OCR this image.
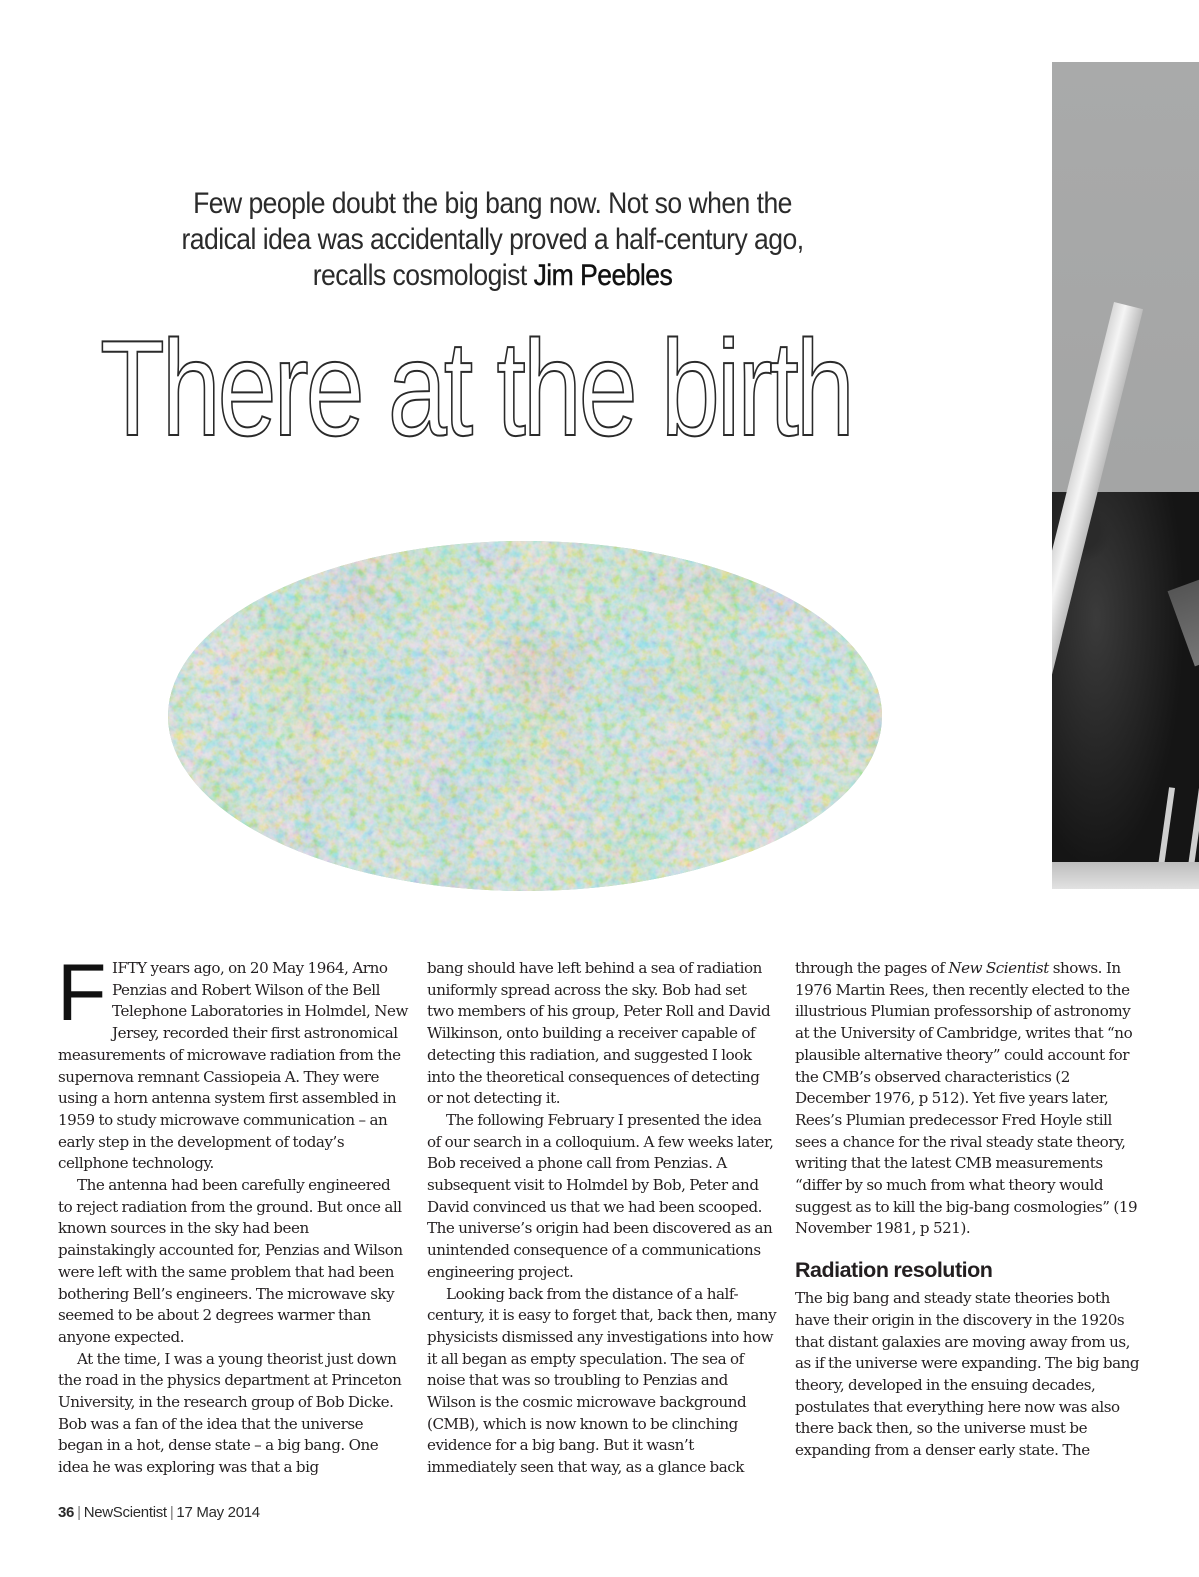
Few people doubt the big bang now. Not so when the
radical idea was accidentally proved a half-century ago,
recalls cosmologist Jim Peebles
There at the birth

FIFTY years ago, on 20 May 1964, Arno Penzias and Robert Wilson of the Bell Telephone Laboratories in Holmdel, New Jersey, recorded their first astronomical measurements of microwave radiation from the supernova remnant Cassiopeia A. They were using a horn antenna system first assembled in 1959 to study microwave communication – an early step in the development of today’s cellphone technology.

The antenna had been carefully engineered to reject radiation from the ground. But once all known sources in the sky had been painstakingly accounted for, Penzias and Wilson were left with the same problem that had been bothering Bell’s engineers. The microwave sky seemed to be about 2 degrees warmer than anyone expected.

At the time, I was a young theorist just down the road in the physics department at Princeton University, in the research group of Bob Dicke. Bob was a fan of the idea that the universe began in a hot, dense state – a big bang. One idea he was exploring was that a big

bang should have left behind a sea of radiation uniformly spread across the sky. Bob had set two members of his group, Peter Roll and David Wilkinson, onto building a receiver capable of detecting this radiation, and suggested I look into the theoretical consequences of detecting or not detecting it.

The following February I presented the idea of our search in a colloquium. A few weeks later, Bob received a phone call from Penzias. A subsequent visit to Holmdel by Bob, Peter and David convinced us that we had been scooped. The universe’s origin had been discovered as an unintended consequence of a communications engineering project.

Looking back from the distance of a half-century, it is easy to forget that, back then, many physicists dismissed any investigations into how it all began as empty speculation. The sea of noise that was so troubling to Penzias and Wilson is the cosmic microwave background (CMB), which is now known to be clinching evidence for a big bang. But it wasn’t immediately seen that way, as a glance back

through the pages of New Scientist shows. In 1976 Martin Rees, then recently elected to the illustrious Plumian professorship of astronomy at the University of Cambridge, writes that “no plausible alternative theory” could account for the CMB’s observed characteristics (2 December 1976, p 512). Yet five years later, Rees’s Plumian predecessor Fred Hoyle still sees a chance for the rival steady state theory, writing that the latest CMB measurements “differ by so much from what theory would suggest as to kill the big-bang cosmologies” (19 November 1981, p 521).

Radiation resolution

The big bang and steady state theories both have their origin in the discovery in the 1920s that distant galaxies are moving away from us, as if the universe were expanding. The big bang theory, developed in the ensuing decades, postulates that everything here now was also there back then, so the universe must be expanding from a denser early state. The

36 | NewScientist | 17 May 2014
